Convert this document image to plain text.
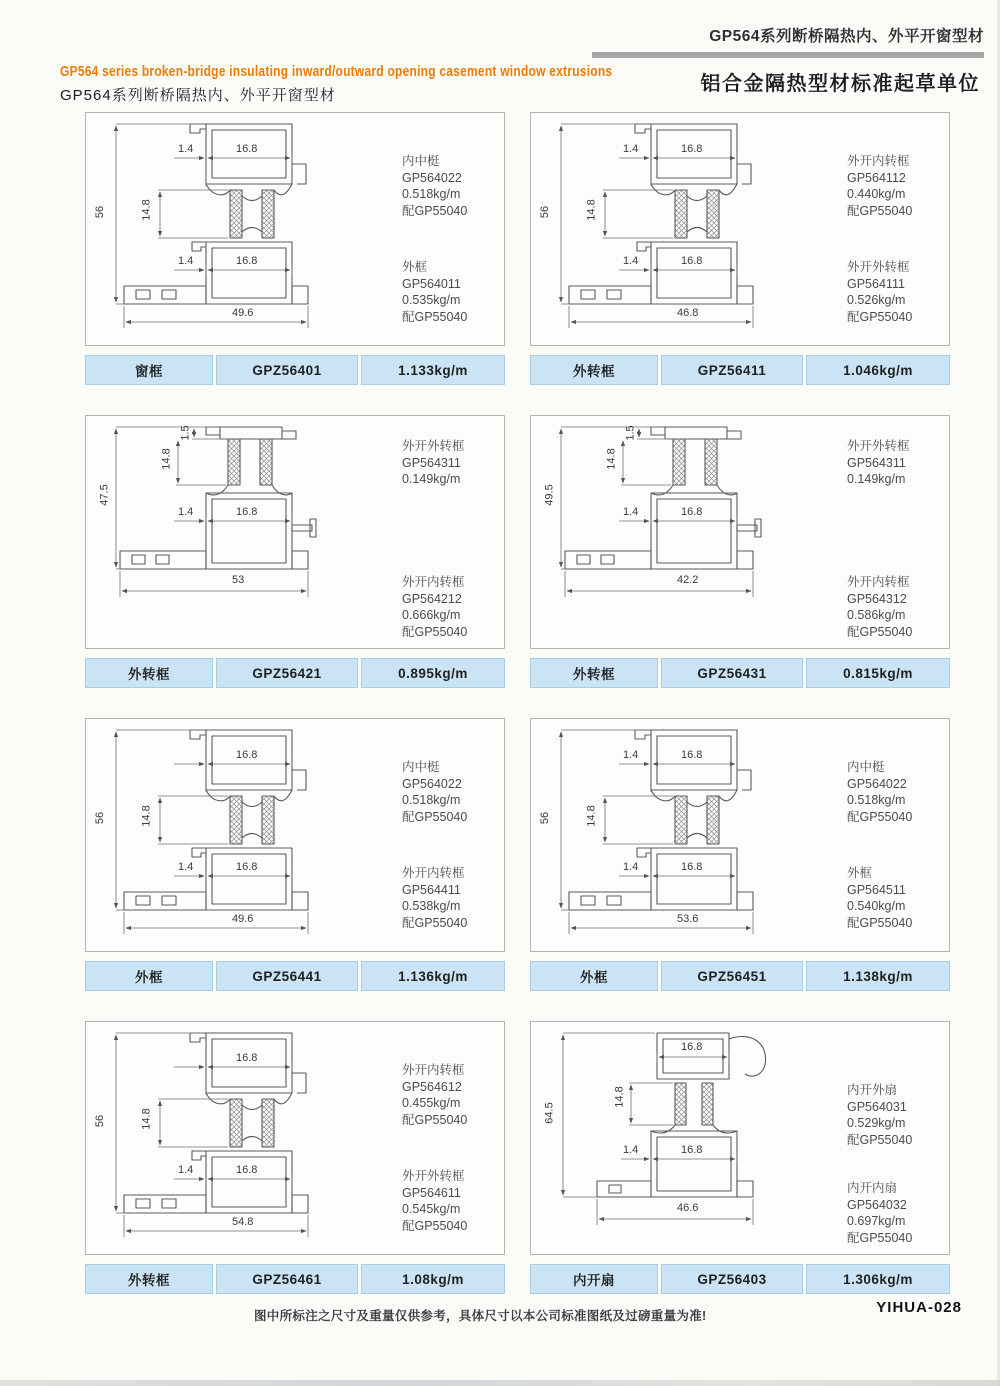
GP564系列断桥隔热内、外平开窗型材
铝合金隔热型材标准起草单位
GP564 series broken-bridge insulating inward/outward opening casement window extrusions
GP564系列断桥隔热内、外平开窗型材
56	14.8
1.4	16.8
1.4	16.8
49.6
内中梃
GP564022
0.518kg/m
配GP55040
外框
GP564011
0.535kg/m
配GP55040
窗框	GPZ56401	1.133kg/m
56	14.8
1.4	16.8
1.4	16.8
46.8
外开内转框
GP564112
0.440kg/m
配GP55040
外开外转框
GP564111
0.526kg/m
配GP55040
外转框	GPZ56411	1.046kg/m
47.5
1.5
14.8
1.4	16.8
53
外开外转框
GP564311
0.149kg/m
外开内转框
GP564212
0.666kg/m
配GP55040
外转框	GPZ56421	0.895kg/m
49.5
1.5
14.8
1.4	16.8
42.2
外开外转框
GP564311
0.149kg/m
外开内转框
GP564312
0.586kg/m
配GP55040
外转框	GPZ56431	0.815kg/m
56	14.8
16.8
1.4	16.8
49.6
内中梃
GP564022
0.518kg/m
配GP55040
外开内转框
GP564411
0.538kg/m
配GP55040
外框	GPZ56441	1.136kg/m
56	14.8
1.4	16.8
1.4	16.8
53.6
内中梃
GP564022
0.518kg/m
配GP55040
外框
GP564511
0.540kg/m
配GP55040
外框	GPZ56451	1.138kg/m
56	14.8
16.8
1.4	16.8
54.8
外开内转框
GP564612
0.455kg/m
配GP55040
外开外转框
GP564611
0.545kg/m
配GP55040
外转框	GPZ56461	1.08kg/m
64.5
14.8
16.8
1.4	16.8
46.6
内开外扇
GP564031
0.529kg/m
配GP55040
内开内扇
GP564032
0.697kg/m
配GP55040
内开扇	GPZ56403	1.306kg/m
图中所标注之尺寸及重量仅供参考，具体尺寸以本公司标准图纸及过磅重量为准!	YIHUA-028
